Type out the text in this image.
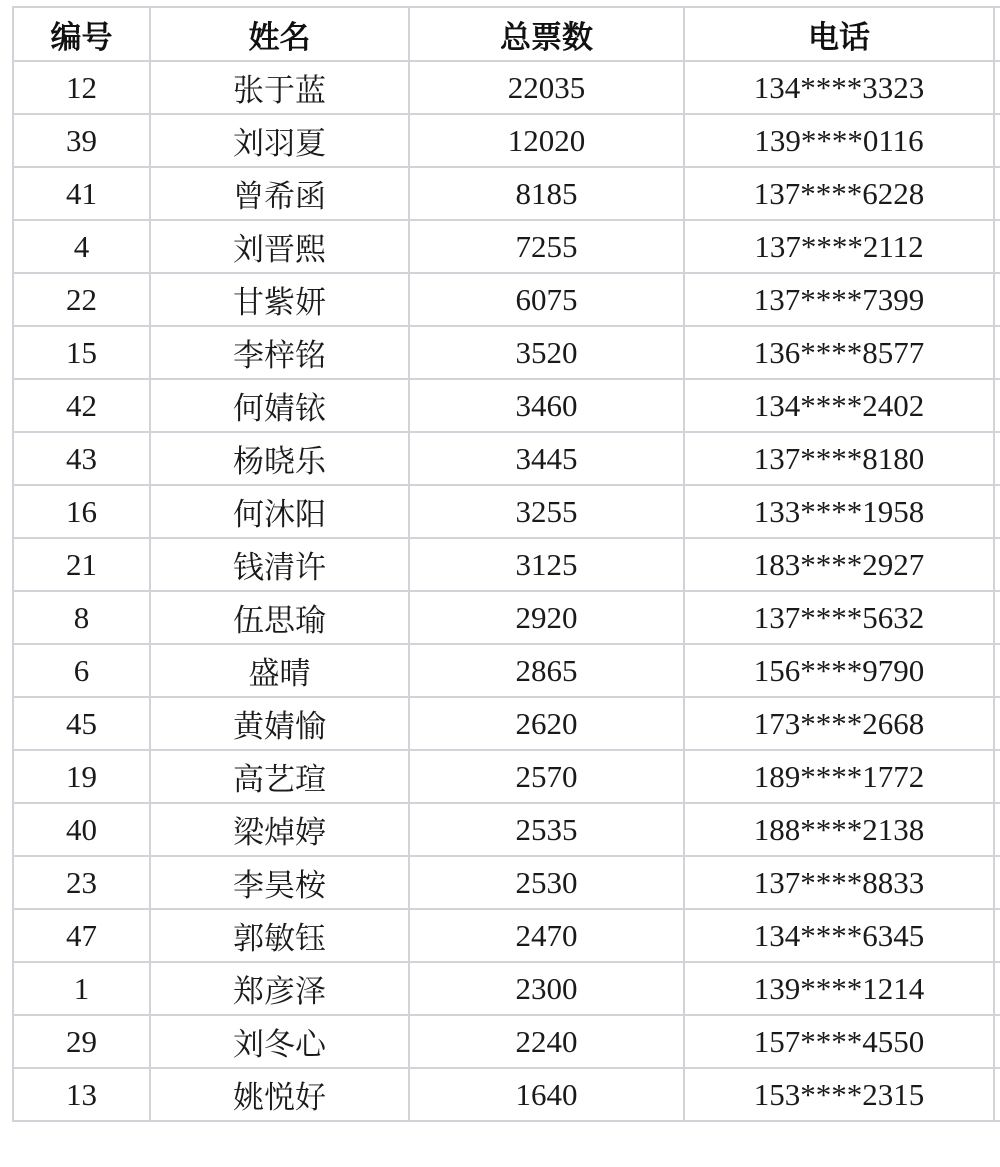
编号	姓名	总票数	电话	
12	张于蓝	22035	134****3323	
39	刘羽夏	12020	139****0116	
41	曾希函	8185	137****6228	
4	刘晋熙	7255	137****2112	
22	甘紫妍	6075	137****7399	
15	李梓铭	3520	136****8577	
42	何婧铱	3460	134****2402	
43	杨晓乐	3445	137****8180	
16	何沐阳	3255	133****1958	
21	钱清许	3125	183****2927	
8	伍思瑜	2920	137****5632	
6	盛晴	2865	156****9790	
45	黄婧愉	2620	173****2668	
19	高艺瑄	2570	189****1772	
40	梁焯婷	2535	188****2138	
23	李昊桉	2530	137****8833	
47	郭敏钰	2470	134****6345	
1	郑彦泽	2300	139****1214	
29	刘冬心	2240	157****4550	
13	姚悦好	1640	153****2315	
